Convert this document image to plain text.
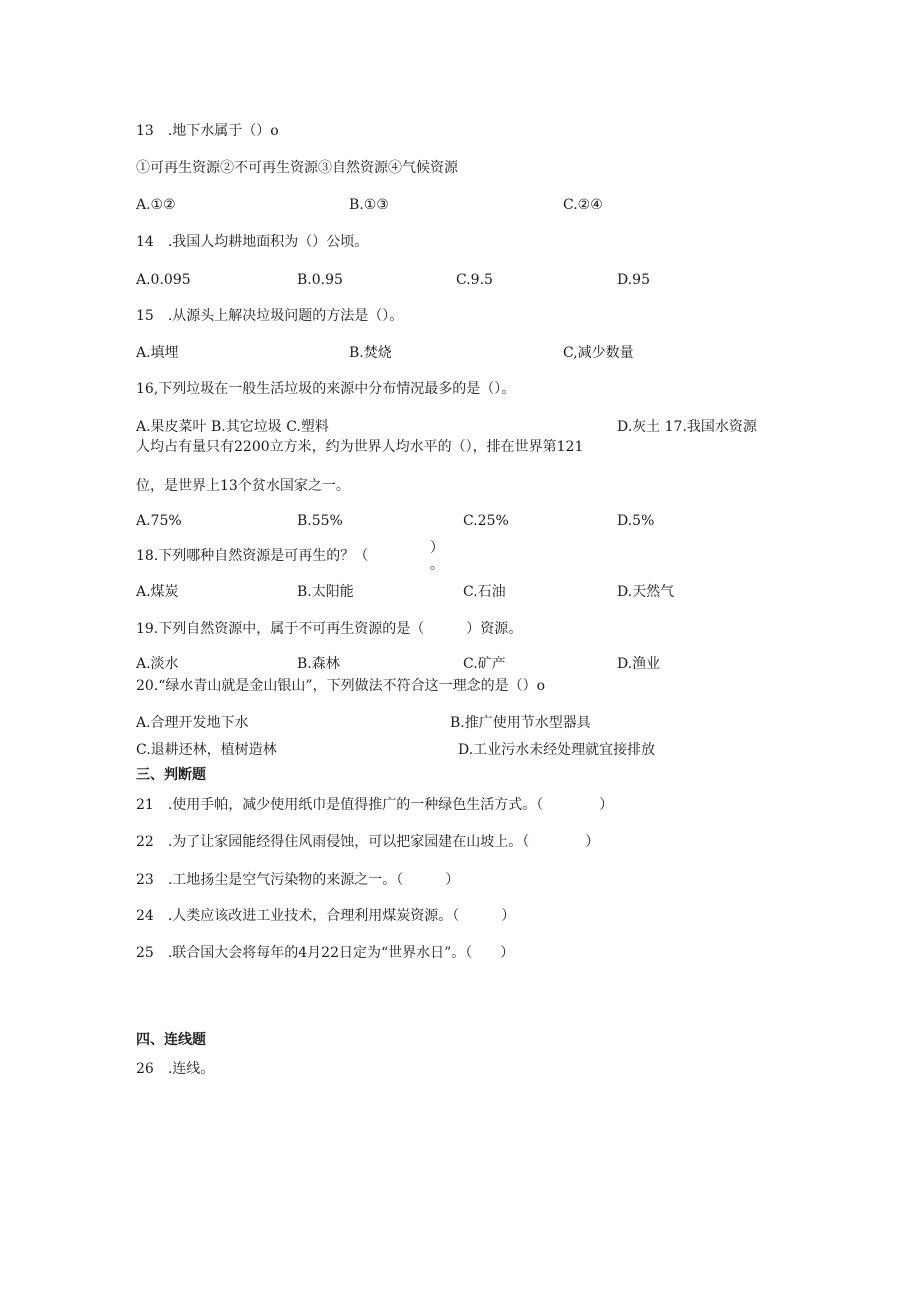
13　.地下水属于（）o
①可再生资源②不可再生资源③自然资源④气候资源
A.①②	B.①③	C.②④
14　.我国人均耕地面积为（）公顷。
A.0.095	B.0.95	C.9.5	D.95
15　.从源头上解决垃圾问题的方法是（）。
A.填埋	B.焚烧	C,减少数量
16,下列垃圾在一般生活垃圾的来源中分布情况最多的是（）。
A.果皮菜叶 B.其它垃圾 C.塑料	D.灰土 17.我国水资源
人均占有量只有2200立方米，约为世界人均水平的（），排在世界第121
位，是世界上13个贫水国家之一。
A.75%	B.55%	C.25%	D.5%
18.下列哪种自然资源是可再生的？（	）
。
A.煤炭	B.太阳能	C.石油	D.天然气
19.下列自然资源中，属于不可再生资源的是（　　　）资源。
A.淡水	B.森林	C.矿产	D.渔业
20.“绿水青山就是金山银山”，下列做法不符合这一理念的是（）o
A.合理开发地下水	B.推广使用节水型器具
C.退耕还林，植树造林	D.工业污水未经处理就宜接排放
三、判断题
21　.使用手帕，减少使用纸巾是值得推广的一种绿色生活方式。（　　　　）
22　.为了让家园能经得住风雨侵蚀，可以把家园建在山坡上。（　　　　）
23　.工地扬尘是空气污染物的来源之一。（　　　）
24　.人类应该改进工业技术，合理利用煤炭资源。（　　　）
25　.联合国大会将每年的4月22日定为“世界水日”。（　　）
四、连线题
26　.连线。
